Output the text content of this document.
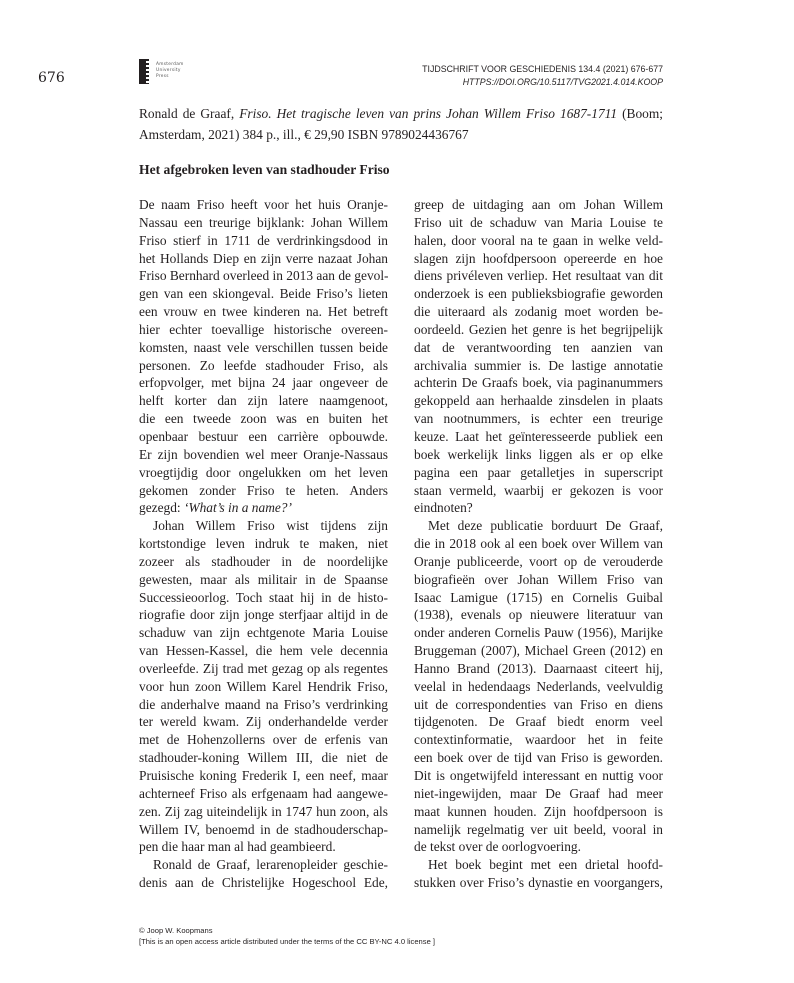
676
Amsterdam
University
Press
TIJDSCHRIFT VOOR GESCHIEDENIS 134.4 (2021) 676-677
HTTPS://DOI.ORG/10.5117/TVG2021.4.014.KOOP
Ronald de Graaf, Friso. Het tragische leven van prins Johan Willem Friso 1687-1711 (Boom; Amsterdam, 2021) 384 p., ill., € 29,90 ISBN 9789024436767
Het afgebroken leven van stadhouder Friso
De naam Friso heeft voor het huis Oranje-
Nassau een treurige bijklank: Johan Willem
Friso stierf in 1711 de verdrinkingsdood in
het Hollands Diep en zijn verre nazaat Johan
Friso Bernhard overleed in 2013 aan de gevol-
gen van een skiongeval. Beide Friso’s lieten
een vrouw en twee kinderen na. Het betreft
hier echter toevallige historische overeen-
komsten, naast vele verschillen tussen beide
personen. Zo leefde stadhouder Friso, als
erfopvolger, met bijna 24 jaar ongeveer de
helft korter dan zijn latere naamgenoot,
die een tweede zoon was en buiten het
openbaar bestuur een carrière opbouwde.
Er zijn bovendien wel meer Oranje-Nassaus
vroegtijdig door ongelukken om het leven
gekomen zonder Friso te heten. Anders
gezegd: ‘What’s in a name?’
Johan Willem Friso wist tijdens zijn
kortstondige leven indruk te maken, niet
zozeer als stadhouder in de noordelijke
gewesten, maar als militair in de Spaanse
Successieoorlog. Toch staat hij in de histo-
riografie door zijn jonge sterfjaar altijd in de
schaduw van zijn echtgenote Maria Louise
van Hessen-Kassel, die hem vele decennia
overleefde. Zij trad met gezag op als regentes
voor hun zoon Willem Karel Hendrik Friso,
die anderhalve maand na Friso’s verdrinking
ter wereld kwam. Zij onderhandelde verder
met de Hohenzollerns over de erfenis van
stadhouder-koning Willem III, die niet de
Pruisische koning Frederik I, een neef, maar
achterneef Friso als erfgenaam had aangewe-
zen. Zij zag uiteindelijk in 1747 hun zoon, als
Willem IV, benoemd in de stadhouderschap-
pen die haar man al had geambieerd.
Ronald de Graaf, lerarenopleider geschie-
denis aan de Christelijke Hogeschool Ede,
greep de uitdaging aan om Johan Willem
Friso uit de schaduw van Maria Louise te
halen, door vooral na te gaan in welke veld-
slagen zijn hoofdpersoon opereerde en hoe
diens privéleven verliep. Het resultaat van dit
onderzoek is een publieksbiografie geworden
die uiteraard als zodanig moet worden be-
oordeeld. Gezien het genre is het begrijpelijk
dat de verantwoording ten aanzien van
archivalia summier is. De lastige annotatie
achterin De Graafs boek, via paginanummers
gekoppeld aan herhaalde zinsdelen in plaats
van nootnummers, is echter een treurige
keuze. Laat het geïnteresseerde publiek een
boek werkelijk links liggen als er op elke
pagina een paar getalletjes in superscript
staan vermeld, waarbij er gekozen is voor
eindnoten?
Met deze publicatie borduurt De Graaf,
die in 2018 ook al een boek over Willem van
Oranje publiceerde, voort op de verouderde
biografieën over Johan Willem Friso van
Isaac Lamigue (1715) en Cornelis Guibal
(1938), evenals op nieuwere literatuur van
onder anderen Cornelis Pauw (1956), Marijke
Bruggeman (2007), Michael Green (2012) en
Hanno Brand (2013). Daarnaast citeert hij,
veelal in hedendaags Nederlands, veelvuldig
uit de correspondenties van Friso en diens
tijdgenoten. De Graaf biedt enorm veel
contextinformatie, waardoor het in feite
een boek over de tijd van Friso is geworden.
Dit is ongetwijfeld interessant en nuttig voor
niet-ingewijden, maar De Graaf had meer
maat kunnen houden. Zijn hoofdpersoon is
namelijk regelmatig ver uit beeld, vooral in
de tekst over de oorlogvoering.
Het boek begint met een drietal hoofd-
stukken over Friso’s dynastie en voorgangers,
© Joop W. Koopmans
[This is an open access article distributed under the terms of the CC BY-NC 4.0 license ]
